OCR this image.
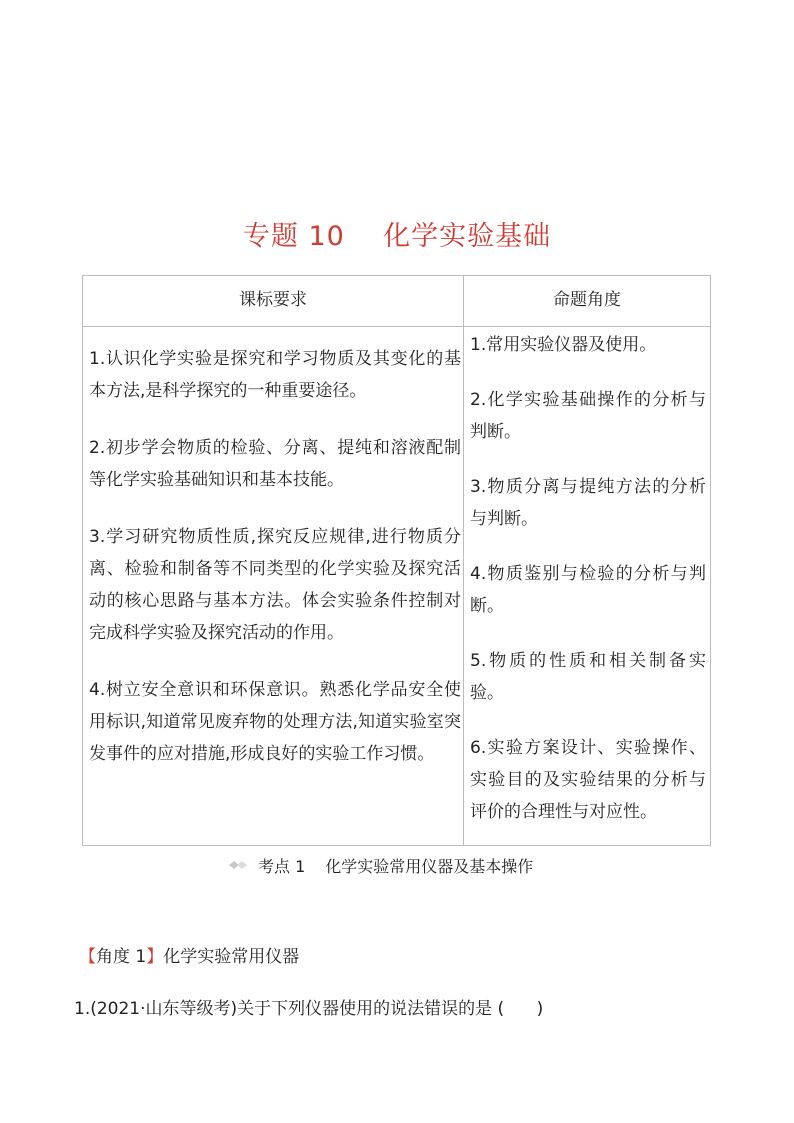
专题 10    化学实验基础
课标要求	命题角度

1.认识化学实验是探究和学习物质及其变化的基本方法,是科学探究的一种重要途径。

2.初步学会物质的检验、分离、提纯和溶液配制等化学实验基础知识和基本技能。

3.学习研究物质性质,探究反应规律,进行物质分离、检验和制备等不同类型的化学实验及探究活动的核心思路与基本方法。体会实验条件控制对完成科学实验及探究活动的作用。

4.树立安全意识和环保意识。熟悉化学品安全使用标识,知道常见废弃物的处理方法,知道实验室突发事件的应对措施,形成良好的实验工作习惯。

1.常用实验仪器及使用。

2.化学实验基础操作的分析与判断。

3.物质分离与提纯方法的分析与判断。

4.物质鉴别与检验的分析与判断。

5.物质的性质和相关制备实验。

6.实验方案设计、实验操作、实验目的及实验结果的分析与评价的合理性与对应性。

考点 1 化学实验常用仪器及基本操作
【角度 1】化学实验常用仪器
1.(2021·山东等级考)关于下列仪器使用的说法错误的是 (      )
